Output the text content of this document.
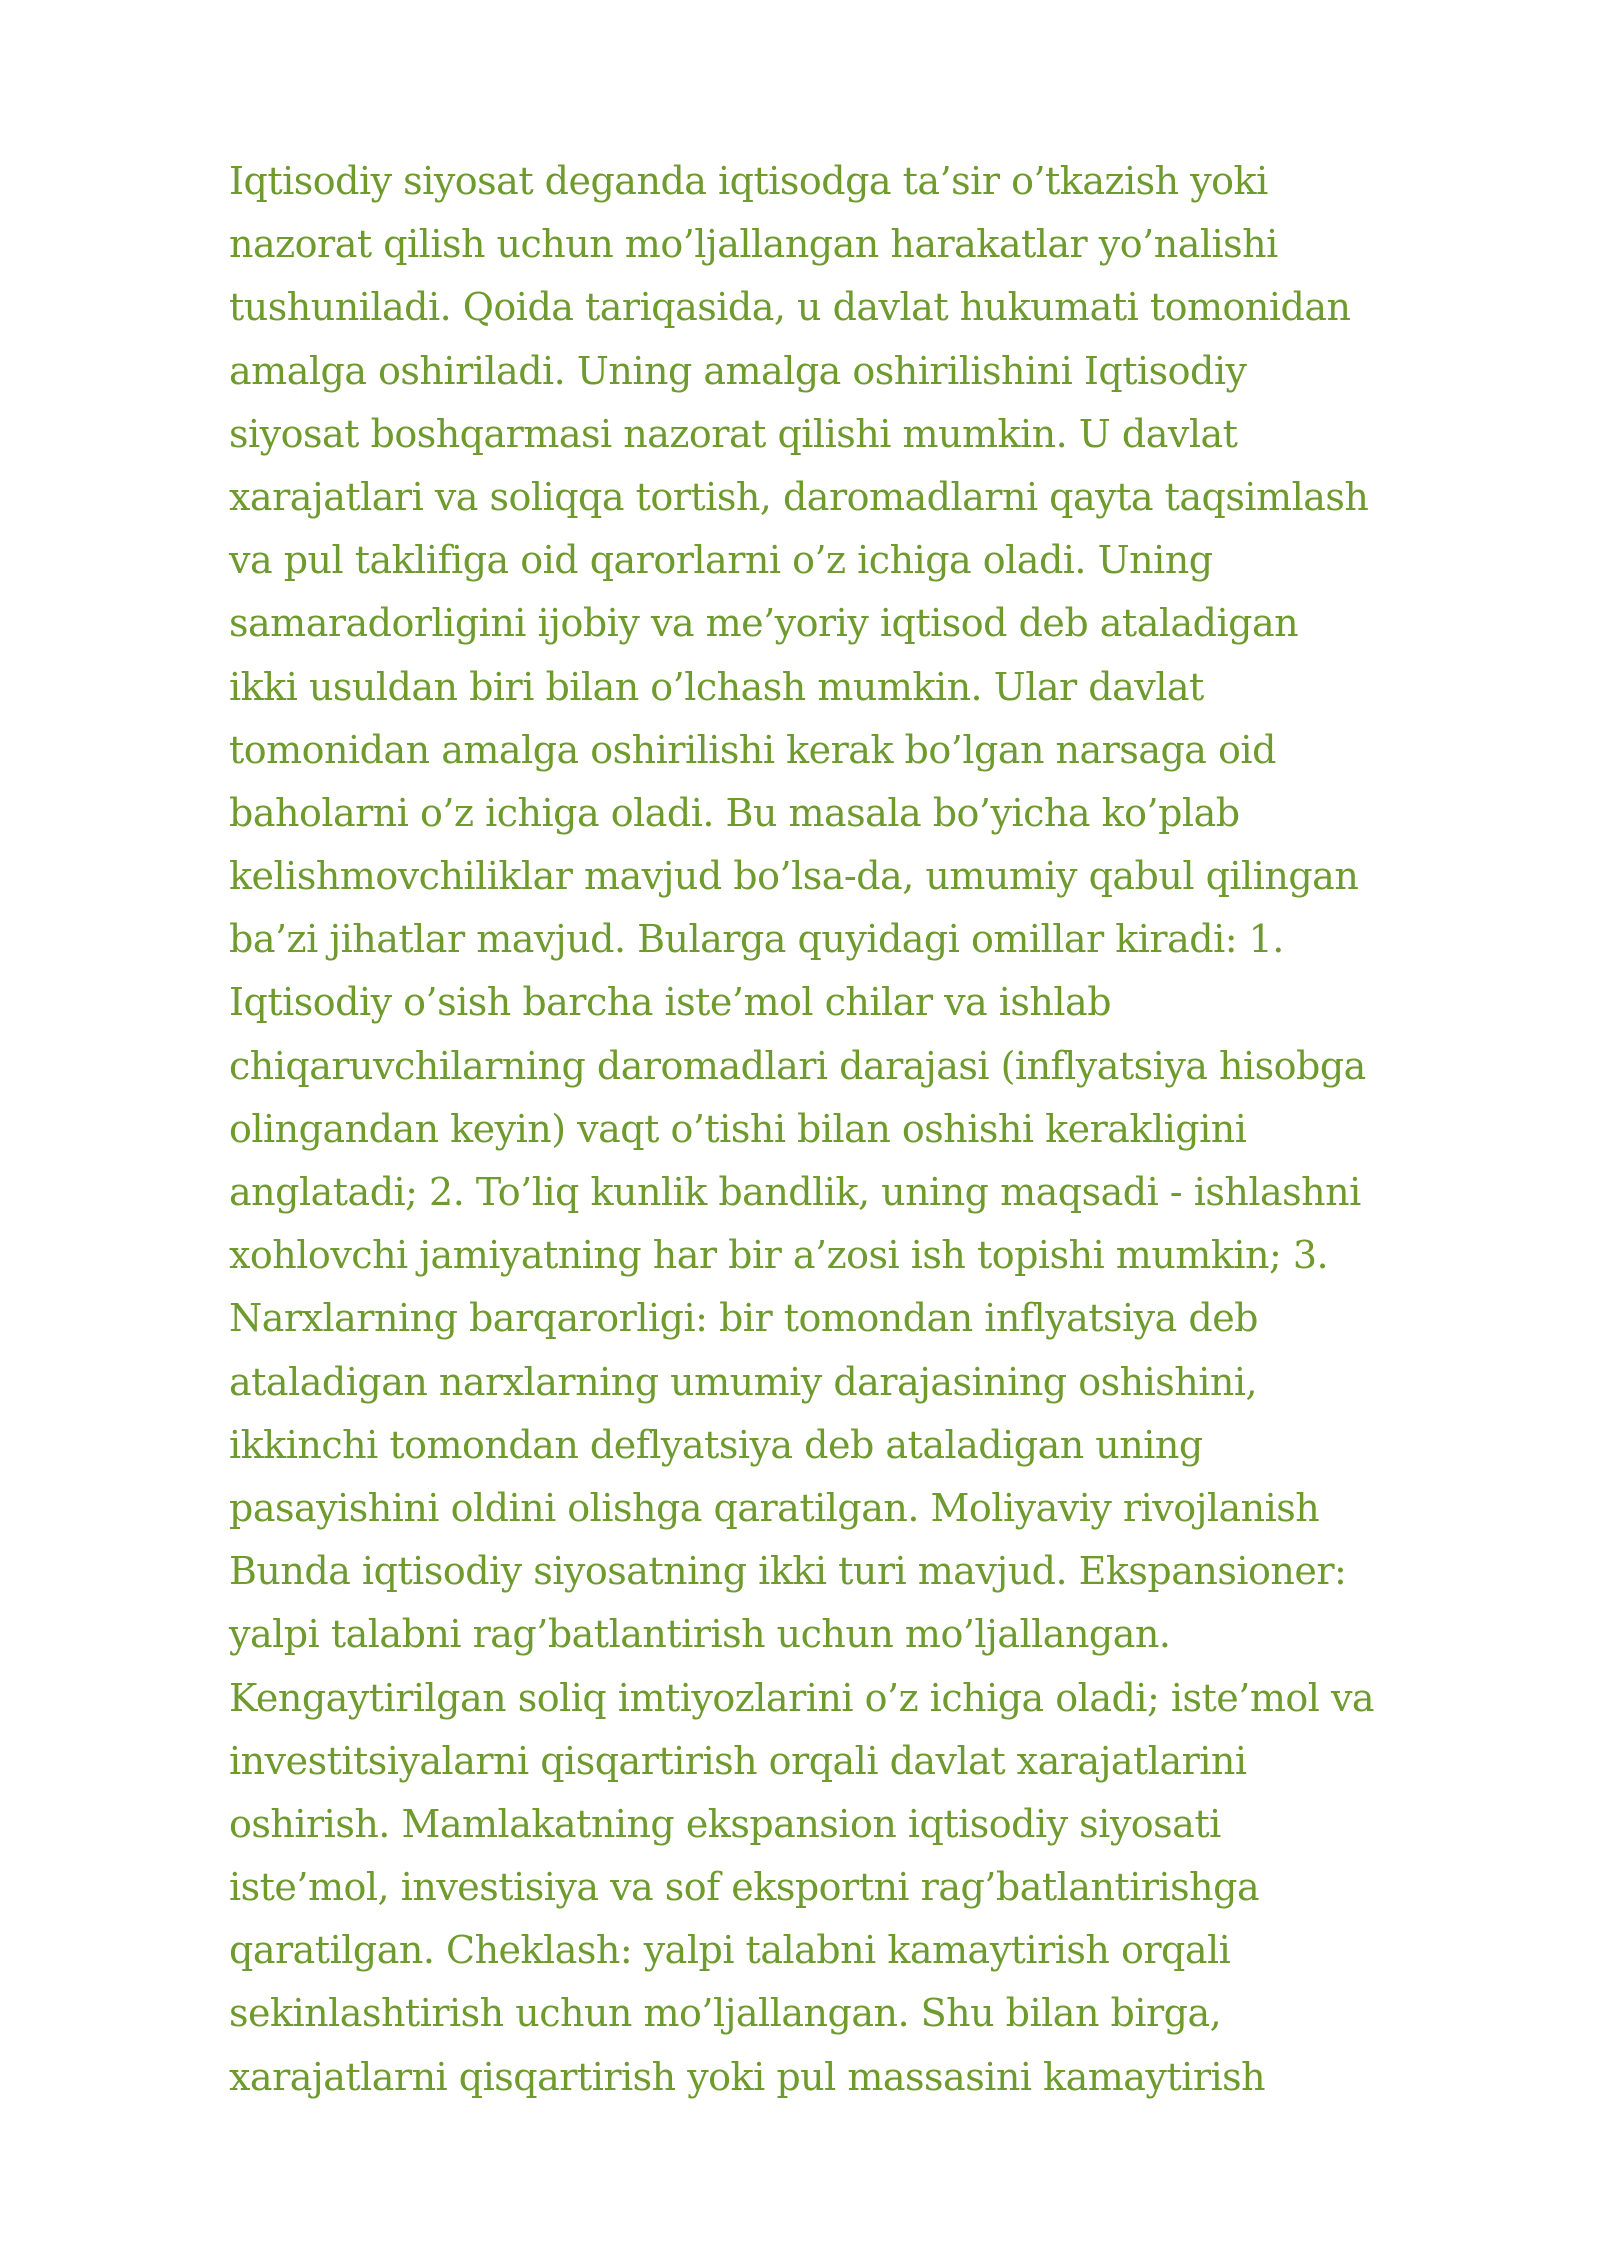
Iqtisodiy siyosat deganda iqtisodga ta’sir o’tkazish yoki
nazorat qilish uchun mo’ljallangan harakatlar yo’nalishi
tushuniladi. Qoida tariqasida, u davlat hukumati tomonidan
amalga oshiriladi. Uning amalga oshirilishini Iqtisodiy
siyosat boshqarmasi nazorat qilishi mumkin. U davlat
xarajatlari va soliqqa tortish, daromadlarni qayta taqsimlash
va pul taklifiga oid qarorlarni o’z ichiga oladi. Uning
samaradorligini ijobiy va me’yoriy iqtisod deb ataladigan
ikki usuldan biri bilan o’lchash mumkin. Ular davlat
tomonidan amalga oshirilishi kerak bo’lgan narsaga oid
baholarni o’z ichiga oladi. Bu masala bo’yicha ko’plab
kelishmovchiliklar mavjud bo’lsa-da, umumiy qabul qilingan
ba’zi jihatlar mavjud. Bularga quyidagi omillar kiradi: 1.
Iqtisodiy o’sish barcha iste’mol chilar va ishlab
chiqaruvchilarning daromadlari darajasi (inflyatsiya hisobga
olingandan keyin) vaqt o’tishi bilan oshishi kerakligini
anglatadi; 2. To’liq kunlik bandlik, uning maqsadi - ishlashni
xohlovchi jamiyatning har bir a’zosi ish topishi mumkin; 3.
Narxlarning barqarorligi: bir tomondan inflyatsiya deb
ataladigan narxlarning umumiy darajasining oshishini,
ikkinchi tomondan deflyatsiya deb ataladigan uning
pasayishini oldini olishga qaratilgan. Moliyaviy rivojlanish
Bunda iqtisodiy siyosatning ikki turi mavjud. Ekspansioner:
yalpi talabni rag’batlantirish uchun mo’ljallangan.
Kengaytirilgan soliq imtiyozlarini o’z ichiga oladi; iste’mol va
investitsiyalarni qisqartirish orqali davlat xarajatlarini
oshirish. Mamlakatning ekspansion iqtisodiy siyosati
iste’mol, investisiya va sof eksportni rag’batlantirishga
qaratilgan. Cheklash: yalpi talabni kamaytirish orqali
sekinlashtirish uchun mo’ljallangan. Shu bilan birga,
xarajatlarni qisqartirish yoki pul massasini kamaytirish
